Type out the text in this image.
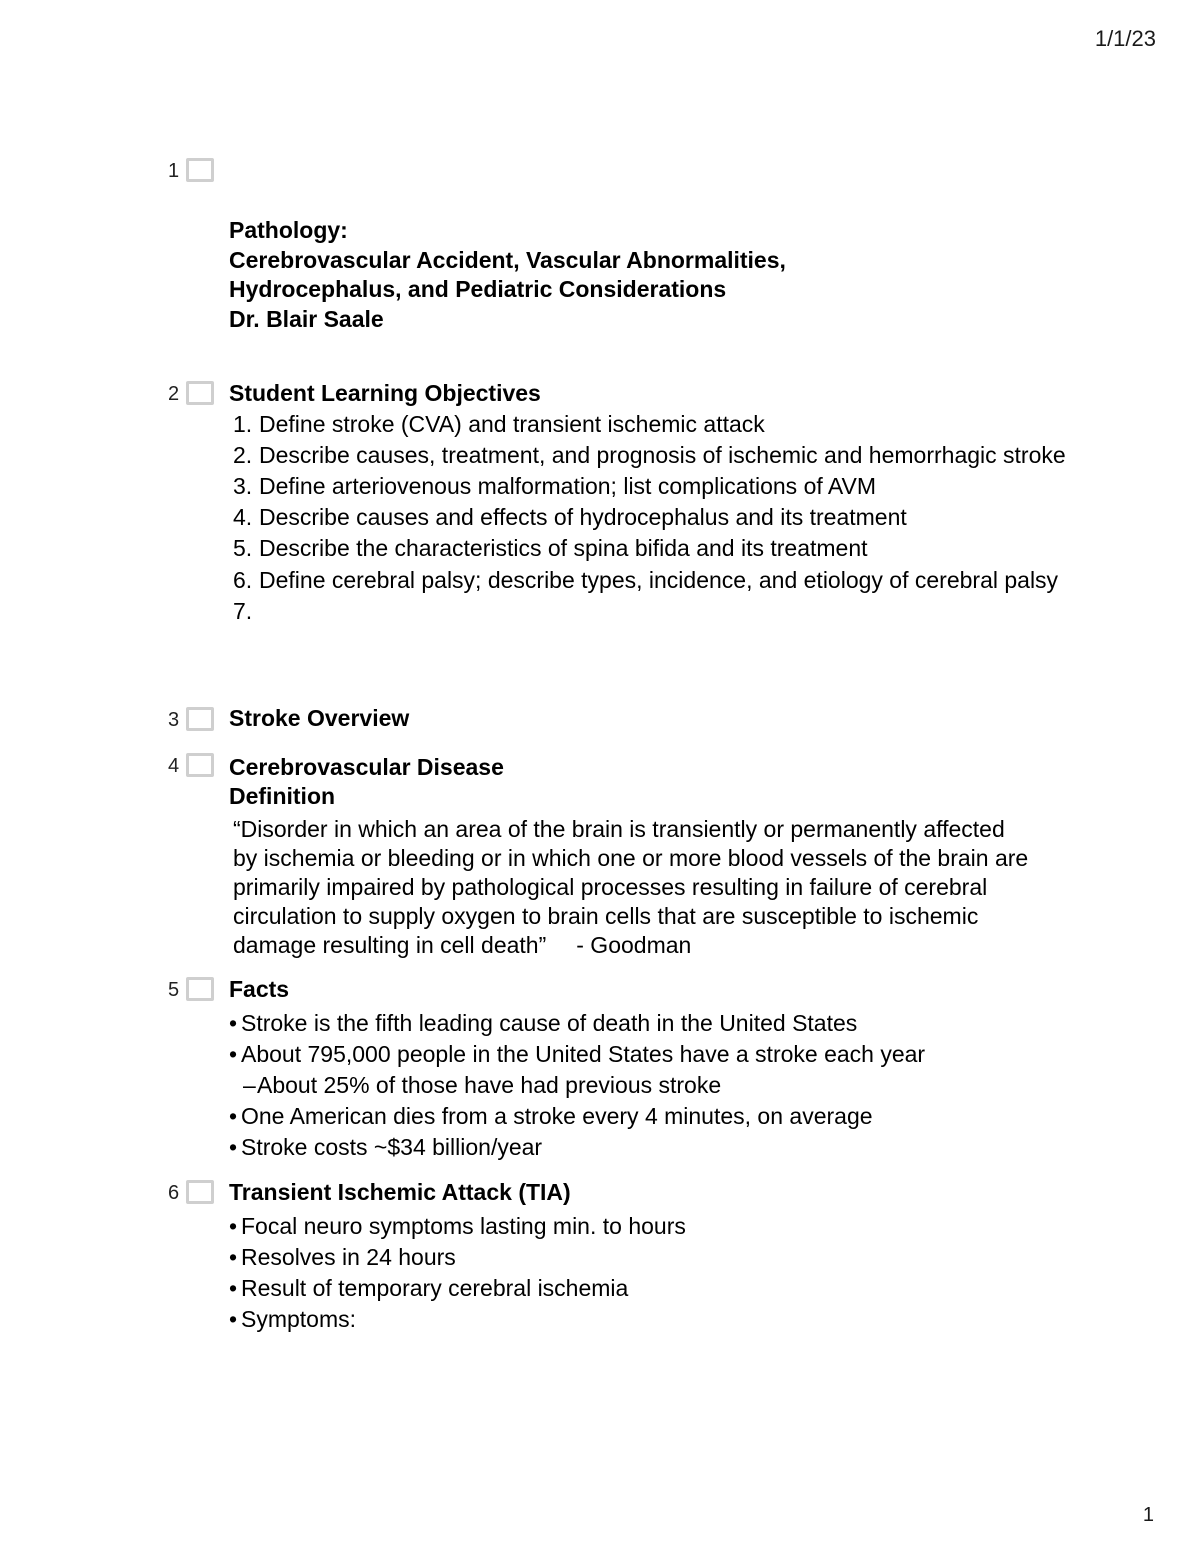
1/1/23
1
Pathology:
Cerebrovascular Accident, Vascular Abnormalities,
Hydrocephalus, and Pediatric Considerations
Dr. Blair Saale
2 Student Learning Objectives
1. Define stroke (CVA) and transient ischemic attack
2. Describe causes, treatment, and prognosis of ischemic and hemorrhagic stroke
3. Define arteriovenous malformation; list complications of AVM
4. Describe causes and effects of hydrocephalus and its treatment
5. Describe the characteristics of spina bifida and its treatment
6. Define cerebral palsy; describe types, incidence, and etiology of cerebral palsy
7.
3 Stroke Overview
4 Cerebrovascular Disease
Definition
“Disorder in which an area of the brain is transiently or permanently affected by ischemia or bleeding or in which one or more blood vessels of the brain are primarily impaired by pathological processes resulting in failure of cerebral circulation to supply oxygen to brain cells that are susceptible to ischemic damage resulting in cell death” - Goodman
5 Facts
• Stroke is the fifth leading cause of death in the United States
• About 795,000 people in the United States have a stroke each year
– About 25% of those have had previous stroke
• One American dies from a stroke every 4 minutes, on average
• Stroke costs ~$34 billion/year
6 Transient Ischemic Attack (TIA)
• Focal neuro symptoms lasting min. to hours
• Resolves in 24 hours
• Result of temporary cerebral ischemia
• Symptoms:
1
